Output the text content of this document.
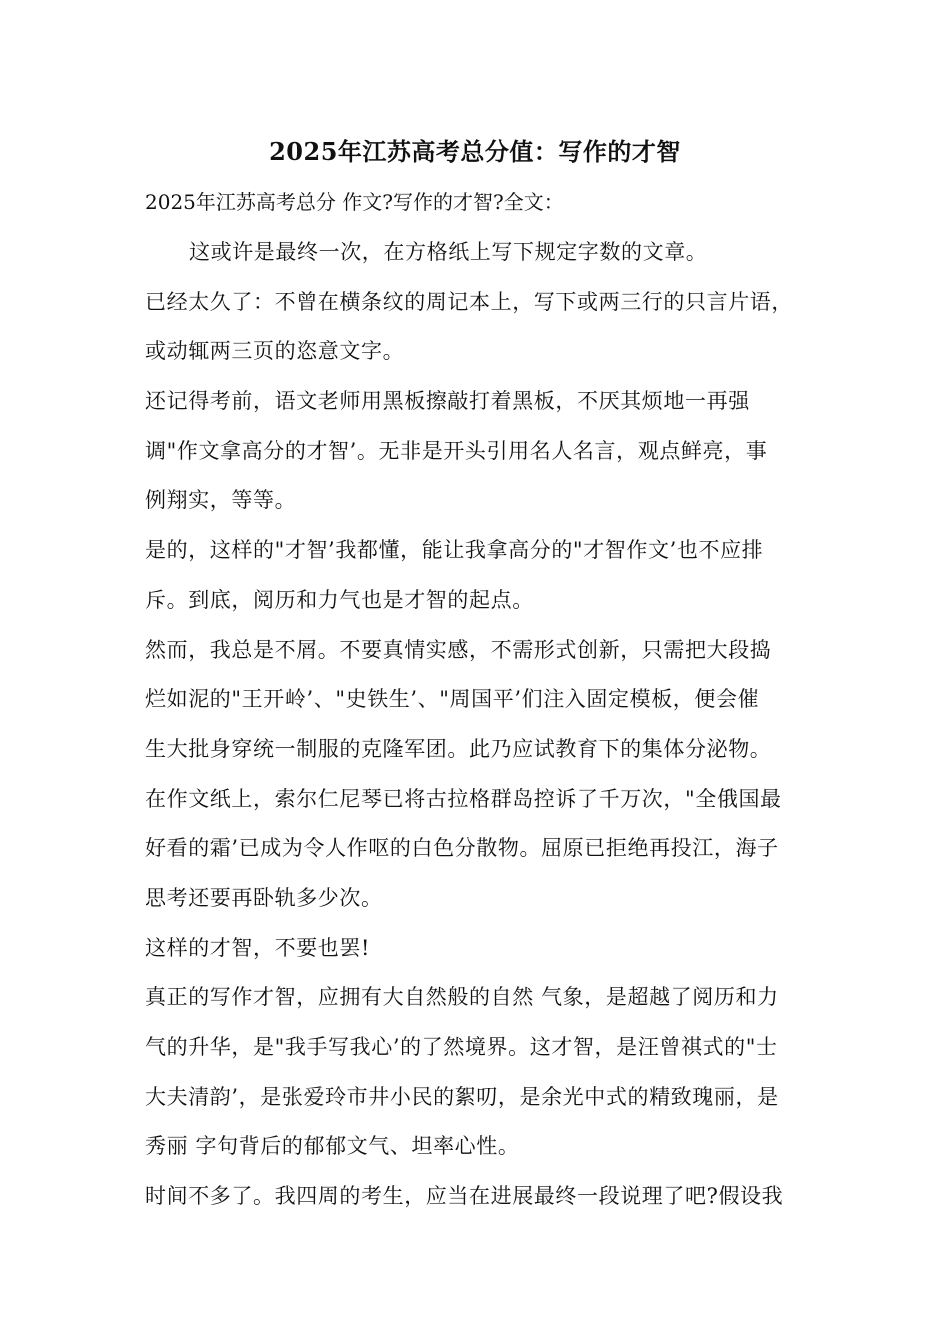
2025年江苏高考总分值：写作的才智

2025年江苏高考总分 作文?写作的才智?全文：

这或许是最终一次，在方格纸上写下规定字数的文章。
已经太久了：不曾在横条纹的周记本上，写下或两三行的只言片语，
或动辄两三页的恣意文字。
还记得考前，语文老师用黑板擦敲打着黑板，不厌其烦地一再强
调"作文拿高分的才智’。无非是开头引用名人名言，观点鲜亮，事
例翔实，等等。
是的，这样的"才智’我都懂，能让我拿高分的"才智作文’也不应排
斥。到底，阅历和力气也是才智的起点。
然而，我总是不屑。不要真情实感，不需形式创新，只需把大段捣
烂如泥的"王开岭’、"史铁生’、"周国平’们注入固定模板，便会催
生大批身穿统一制服的克隆军团。此乃应试教育下的集体分泌物。
在作文纸上，索尔仁尼琴已将古拉格群岛控诉了千万次，"全俄国最
好看的霜’已成为令人作呕的白色分散物。屈原已拒绝再投江，海子
思考还要再卧轨多少次。
这样的才智，不要也罢!
真正的写作才智，应拥有大自然般的自然 气象，是超越了阅历和力
气的升华，是"我手写我心’的了然境界。这才智，是汪曾祺式的"士
大夫清韵’，是张爱玲市井小民的絮叨，是余光中式的精致瑰丽，是
秀丽 字句背后的郁郁文气、坦率心性。
时间不多了。我四周的考生，应当在进展最终一段说理了吧?假设我
